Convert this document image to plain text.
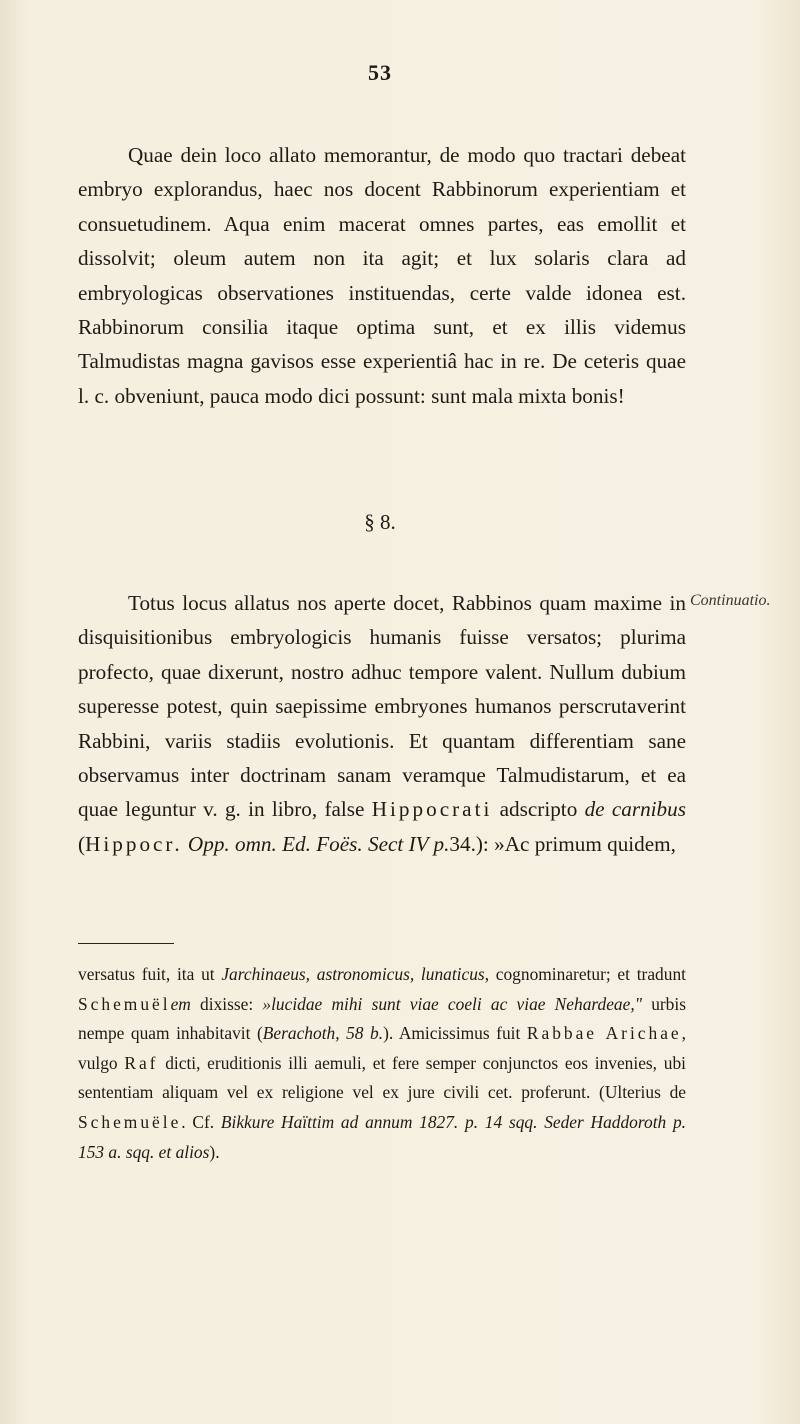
53

Quae dein loco allato memorantur, de modo quo tractari debeat embryo explorandus, haec nos docent Rabbinorum experientiam et consuetudinem. Aqua enim macerat omnes partes, eas emollit et dissolvit; oleum autem non ita agit; et lux solaris clara ad embryologicas observationes instituendas, certe valde idonea est. Rabbinorum consilia itaque optima sunt, et ex illis videmus Talmudistas magna gavisos esse experientiâ hac in re. De ceteris quae l. c. obveniunt, pauca modo dici possunt: sunt mala mixta bonis!

§ 8.
Continuatio.

Totus locus allatus nos aperte docet, Rabbinos quam maxime in disquisitionibus embryologicis humanis fuisse versatos; plurima profecto, quae dixerunt, nostro adhuc tempore valent. Nullum dubium superesse potest, quin saepissime embryones humanos perscrutaverint Rabbini, variis stadiis evolutionis. Et quantam differentiam sane observamus inter doctrinam sanam veramque Talmudistarum, et ea quae leguntur v. g. in libro, false Hippocrati adscripto de carnibus (Hippocr. Opp. omn. Ed. Foës. Sect IV p.34.): »Ac primum quidem,

versatus fuit, ita ut Jarchinaeus, astronomicus, lunaticus, cognominaretur; et tradunt Schemuëlem dixisse: »lucidae mihi sunt viae coeli ac viae Nehardeae," urbis nempe quam inhabitavit (Berachoth, 58 b.). Amicissimus fuit Rabbae Arichae, vulgo Raf dicti, eruditionis illi aemuli, et fere semper conjunctos eos invenies, ubi sententiam aliquam vel ex religione vel ex jure civili cet. proferunt. (Ulterius de Schemuële. Cf. Bikkure Haïttim ad annum 1827. p. 14 sqq. Seder Haddoroth p. 153 a. sqq. et alios).
